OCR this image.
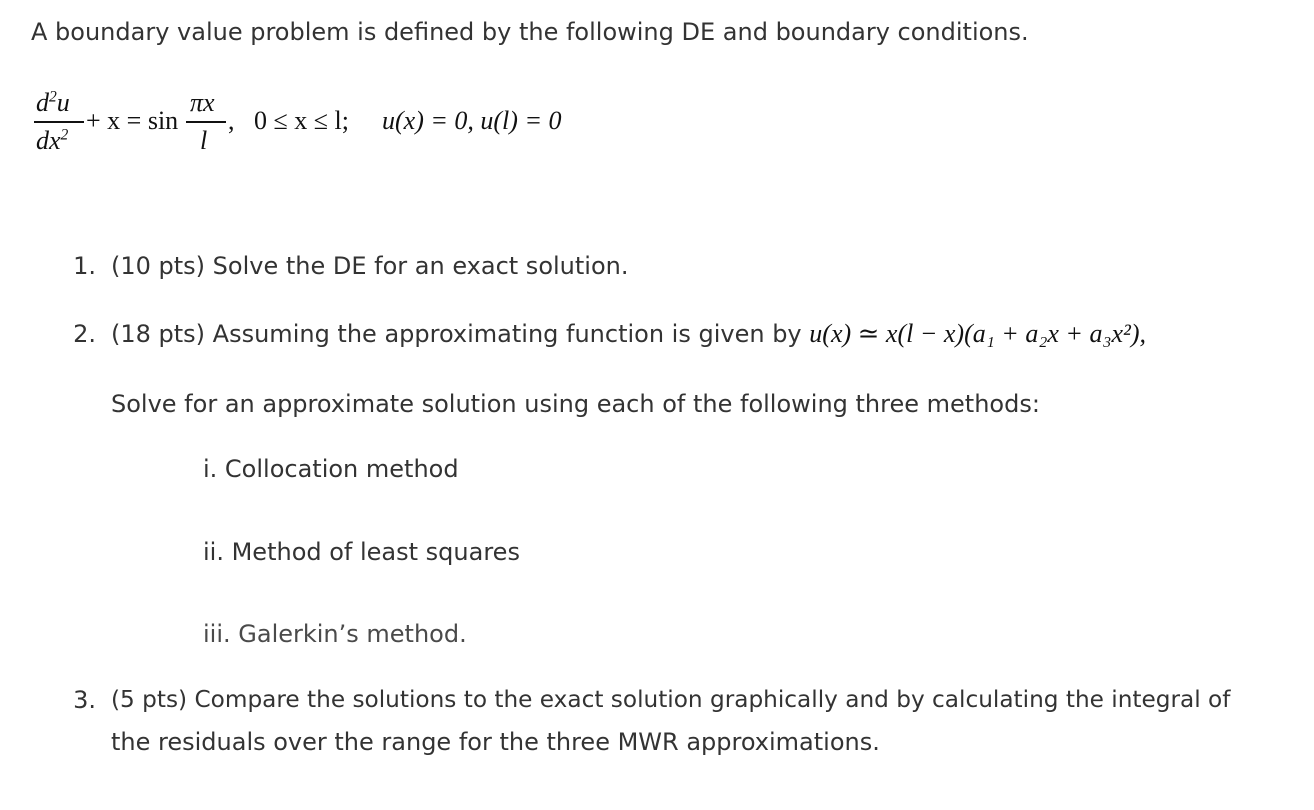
A boundary value problem is defined by the following DE and boundary conditions.
$d^2u$
$dx^2 + x = \sin$
πx
l
, 0 ≤ x ≤ l; u(x) = 0, u(l) = 0
1. (10 pts) Solve the DE for an exact solution.
2. (18 pts) Assuming the approximating function is given by u(x) ≃ x(l − x)(a₁ + a₂x + a₃x²),
Solve for an approximate solution using each of the following three methods:
i. Collocation method
ii. Method of least squares
iii. Galerkin’s method.
3. (5 pts) Compare the solutions to the exact solution graphically and by calculating the integral of
the residuals over the range for the three MWR approximations.
